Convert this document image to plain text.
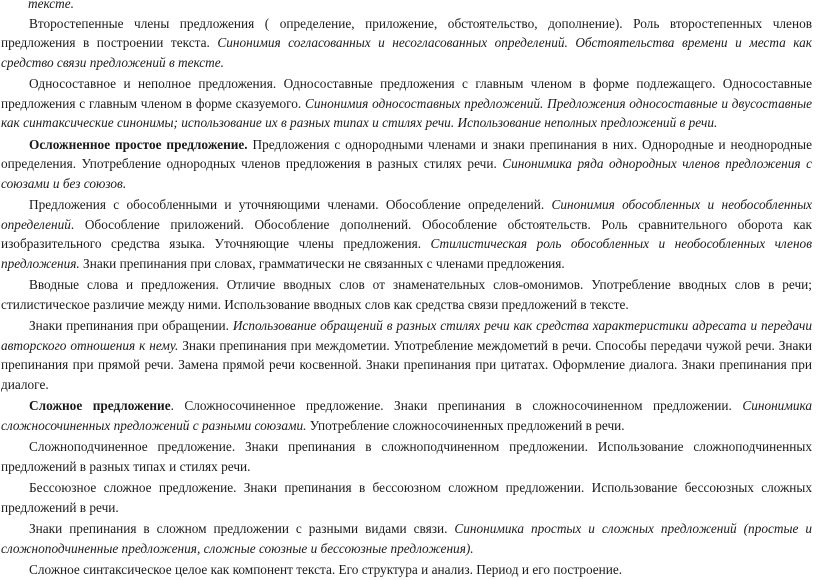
тексте.

Второстепенные члены предложения ( определение, приложение, обстоятельство, дополнение). Роль второстепенных членов предложения в построении текста. Синонимия согласованных и несогласованных определений. Обстоятельства времени и места как средство связи предложений в тексте.

Односоставное и неполное предложения. Односоставные предложения с главным членом в форме подлежащего. Односоставные предложения с главным членом в форме сказуемого. Синонимия односоставных предложений. Предложения односоставные и двусоставные как синтаксические синонимы; использование их в разных типах и стилях речи. Использование неполных предложений в речи.

Осложненное простое предложение. Предложения с однородными членами и знаки препинания в них. Однородные и неоднородные определения. Употребление однородных членов предложения в разных стилях речи. Синонимика ряда однородных членов предложения с союзами и без союзов.

Предложения с обособленными и уточняющими членами. Обособление определений. Синонимия обособленных и необособленных определений. Обособление приложений. Обособление дополнений. Обособление обстоятельств. Роль сравнительного оборота как изобразительного средства языка. Уточняющие члены предложения. Стилистическая роль обособленных и необособленных членов предложения. Знаки препинания при словах, грамматически не связанных с членами предложения.

Вводные слова и предложения. Отличие вводных слов от знаменательных слов-омонимов. Употребление вводных слов в речи; стилистическое различие между ними. Использование вводных слов как средства связи предложений в тексте.

Знаки препинания при обращении. Использование обращений в разных стилях речи как средства характеристики адресата и передачи авторского отношения к нему. Знаки препинания при междометии. Употребление междометий в речи. Способы передачи чужой речи. Знаки препинания при прямой речи. Замена прямой речи косвенной. Знаки препинания при цитатах. Оформление диалога. Знаки препинания при диалоге.

Сложное предложение. Сложносочиненное предложение. Знаки препинания в сложносочиненном предложении. Синонимика сложносочиненных предложений с разными союзами. Употребление сложносочиненных предложений в речи.

Сложноподчиненное предложение. Знаки препинания в сложноподчиненном предложении. Использование сложноподчиненных предложений в разных типах и стилях речи.

Бессоюзное сложное предложение. Знаки препинания в бессоюзном сложном предложении. Использование бессоюзных сложных предложений в речи.

Знаки препинания в сложном предложении с разными видами связи. Синонимика простых и сложных предложений (простые и сложноподчиненные предложения, сложные союзные и бессоюзные предложения).

Сложное синтаксическое целое как компонент текста. Его структура и анализ. Период и его построение.
